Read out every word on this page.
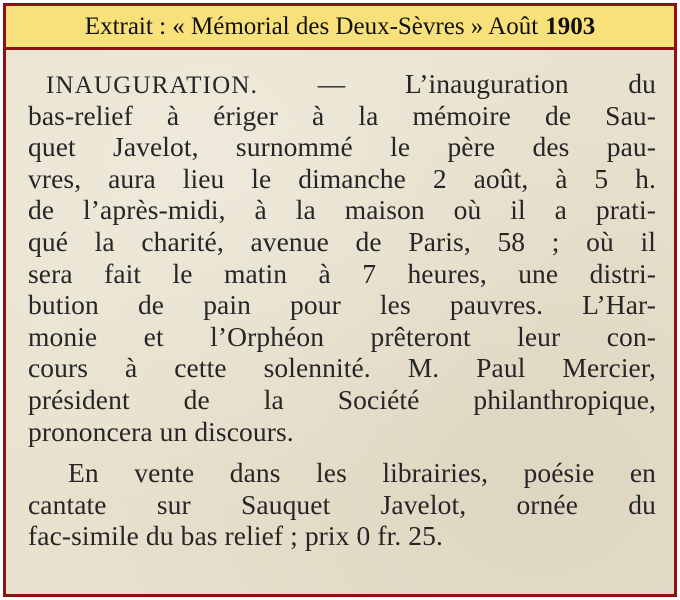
Extrait : « Mémorial des Deux-Sèvres » Août 1903
INAUGURATION. — L’inauguration du
bas-relief à ériger à la mémoire de Sau-
quet Javelot, surnommé le père des pau-
vres, aura lieu le dimanche 2 août, à 5 h.
de l’après-midi, à la maison où il a prati-
qué la charité, avenue de Paris, 58 ; où il
sera fait le matin à 7 heures, une distri-
bution de pain pour les pauvres. L’Har-
monie et l’Orphéon prêteront leur con-
cours à cette solennité. M. Paul Mercier,
président de la Société philanthropique,
prononcera un discours.
En vente dans les librairies, poésie en
cantate sur Sauquet Javelot, ornée du
fac-simile du bas relief ; prix 0 fr. 25.
